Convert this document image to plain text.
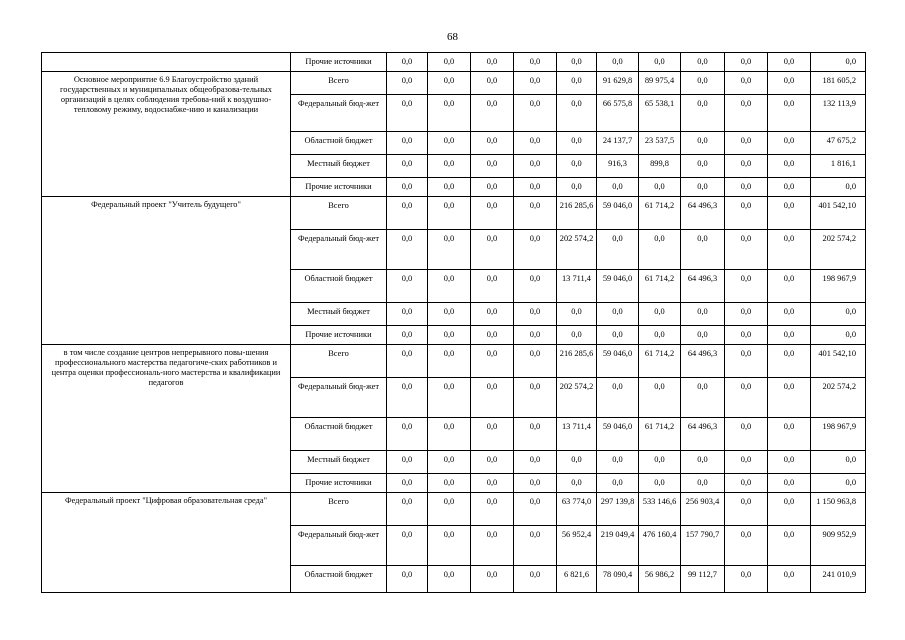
68
	Прочие источники	0,0	0,0	0,0	0,0	0,0	0,0	0,0	0,0	0,0	0,0	0,0
Основное мероприятие 6.9 Благоустройство зданий государственных и муниципальных общеобразова-тельных организаций в целях соблюдения требова-ний к воздушно-тепловому режиму, водоснабже-нию и канализации	Всего	0,0	0,0	0,0	0,0	0,0	91 629,8	89 975,4	0,0	0,0	0,0	181 605,2
	Федеральный бюд-жет	0,0	0,0	0,0	0,0	0,0	66 575,8	65 538,1	0,0	0,0	0,0	132 113,9
	Областной бюджет	0,0	0,0	0,0	0,0	0,0	24 137,7	23 537,5	0,0	0,0	0,0	47 675,2
	Местный бюджет	0,0	0,0	0,0	0,0	0,0	916,3	899,8	0,0	0,0	0,0	1 816,1
	Прочие источники	0,0	0,0	0,0	0,0	0,0	0,0	0,0	0,0	0,0	0,0	0,0
Федеральный проект "Учитель будущего"	Всего	0,0	0,0	0,0	0,0	216 285,6	59 046,0	61 714,2	64 496,3	0,0	0,0	401 542,10
	Федеральный бюд-жет	0,0	0,0	0,0	0,0	202 574,2	0,0	0,0	0,0	0,0	0,0	202 574,2
	Областной бюджет	0,0	0,0	0,0	0,0	13 711,4	59 046,0	61 714,2	64 496,3	0,0	0,0	198 967,9
	Местный бюджет	0,0	0,0	0,0	0,0	0,0	0,0	0,0	0,0	0,0	0,0	0,0
	Прочие источники	0,0	0,0	0,0	0,0	0,0	0,0	0,0	0,0	0,0	0,0	0,0
в том числе создание центров непрерывного повы-шения профессионального мастерства педагогиче-ских работников и центра оценки профессиональ-ного мастерства и квалификации педагогов	Всего	0,0	0,0	0,0	0,0	216 285,6	59 046,0	61 714,2	64 496,3	0,0	0,0	401 542,10
	Федеральный бюд-жет	0,0	0,0	0,0	0,0	202 574,2	0,0	0,0	0,0	0,0	0,0	202 574,2
	Областной бюджет	0,0	0,0	0,0	0,0	13 711,4	59 046,0	61 714,2	64 496,3	0,0	0,0	198 967,9
	Местный бюджет	0,0	0,0	0,0	0,0	0,0	0,0	0,0	0,0	0,0	0,0	0,0
	Прочие источники	0,0	0,0	0,0	0,0	0,0	0,0	0,0	0,0	0,0	0,0	0,0
Федеральный проект "Цифровая образовательная среда"	Всего	0,0	0,0	0,0	0,0	63 774,0	297 139,8	533 146,6	256 903,4	0,0	0,0	1 150 963,8
	Федеральный бюд-жет	0,0	0,0	0,0	0,0	56 952,4	219 049,4	476 160,4	157 790,7	0,0	0,0	909 952,9
	Областной бюджет	0,0	0,0	0,0	0,0	6 821,6	78 090,4	56 986,2	99 112,7	0,0	0,0	241 010,9
